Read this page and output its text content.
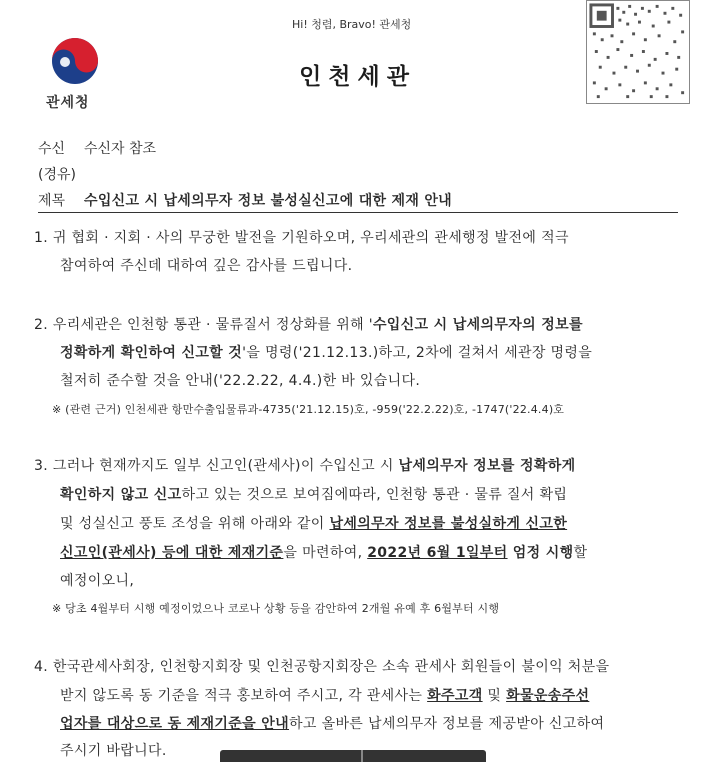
Hi! 청렴, Bravo! 관세청
인천세관
관세청
수신 수신자 참조
(경유)
제목 수입신고 시 납세의무자 정보 불성실신고에 대한 제재 안내
1. 귀 협회 · 지회 · 사의 무궁한 발전을 기원하오며, 우리세관의 관세행정 발전에 적극
참여하여 주신데 대하여 깊은 감사를 드립니다.
2. 우리세관은 인천항 통관 · 물류질서 정상화를 위해 '수입신고 시 납세의무자의 정보를
정확하게 확인하여 신고할 것'을 명령('21.12.13.)하고, 2차에 걸쳐서 세관장 명령을
철저히 준수할 것을 안내('22.2.22, 4.4.)한 바 있습니다.
※ (관련 근거) 인천세관 항만수출입물류과-4735('21.12.15)호, -959('22.2.22)호, -1747('22.4.4)호
3. 그러나 현재까지도 일부 신고인(관세사)이 수입신고 시 납세의무자 정보를 정확하게
확인하지 않고 신고하고 있는 것으로 보여짐에따라, 인천항 통관 · 물류 질서 확립
및 성실신고 풍토 조성을 위해 아래와 같이 납세의무자 정보를 불성실하게 신고한
신고인(관세사) 등에 대한 제재기준을 마련하여, 2022년 6월 1일부터 엄정 시행할
예정이오니,
※ 당초 4월부터 시행 예정이었으나 코로나 상황 등을 감안하여 2개월 유예 후 6월부터 시행
4. 한국관세사회장, 인천항지회장 및 인천공항지회장은 소속 관세사 회원들이 불이익 처분을
받지 않도록 동 기준을 적극 홍보하여 주시고, 각 관세사는 화주고객 및 화물운송주선
업자를 대상으로 동 제재기준을 안내하고 올바른 납세의무자 정보를 제공받아 신고하여
주시기 바랍니다.
